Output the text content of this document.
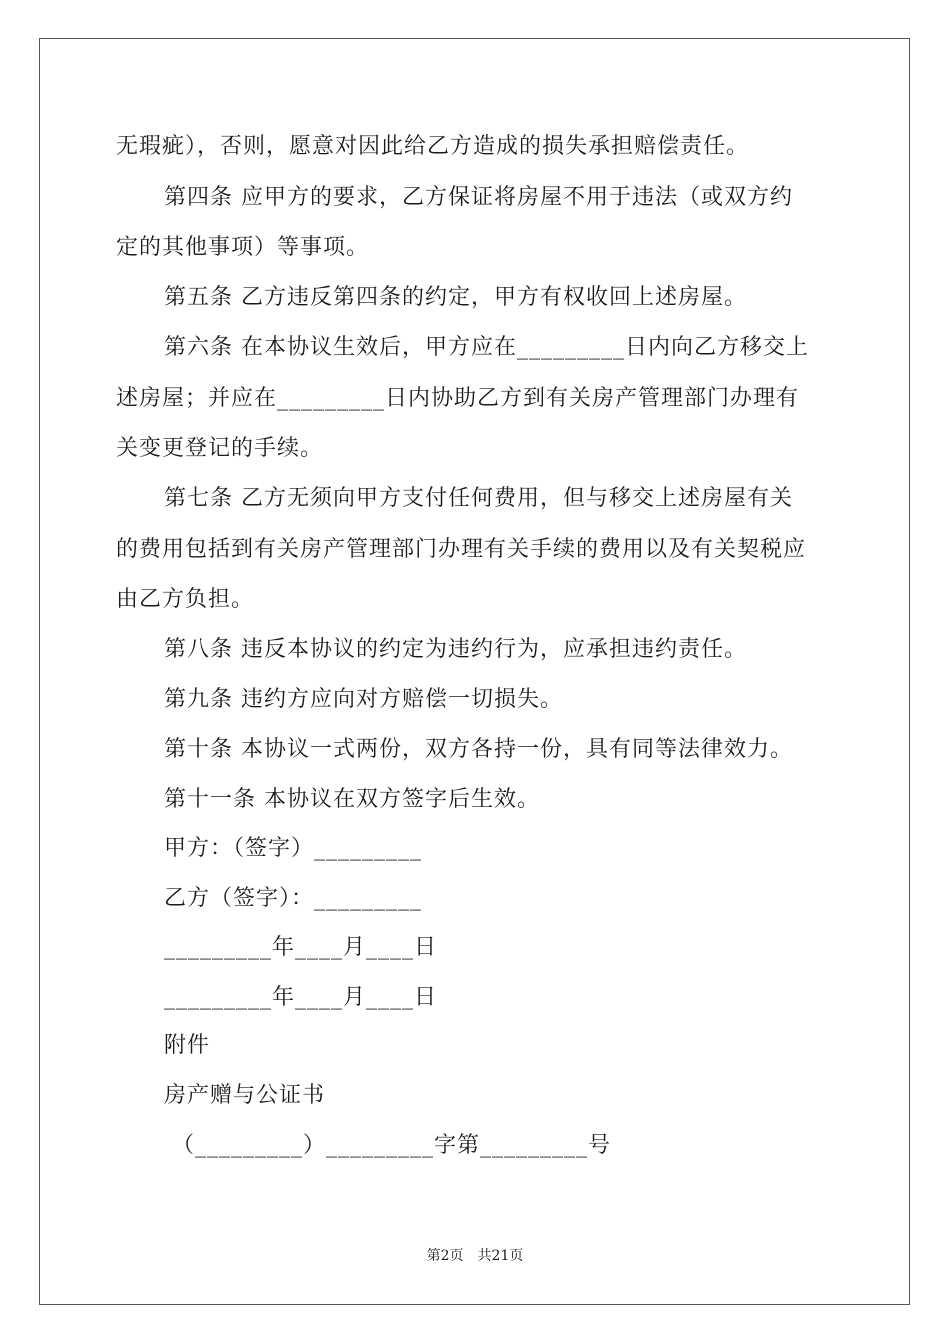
无瑕疵），否则，愿意对因此给乙方造成的损失承担赔偿责任。
第四条 应甲方的要求，乙方保证将房屋不用于违法（或双方约
定的其他事项）等事项。
第五条 乙方违反第四条的约定，甲方有权收回上述房屋。
第六条 在本协议生效后，甲方应在_________日内向乙方移交上
述房屋；并应在_________日内协助乙方到有关房产管理部门办理有
关变更登记的手续。
第七条 乙方无须向甲方支付任何费用，但与移交上述房屋有关
的费用包括到有关房产管理部门办理有关手续的费用以及有关契税应
由乙方负担。
第八条 违反本协议的约定为违约行为，应承担违约责任。
第九条 违约方应向对方赔偿一切损失。
第十条 本协议一式两份，双方各持一份，具有同等法律效力。
第十一条 本协议在双方签字后生效。
甲方：（签字）_________
乙方（签字）：_________
_________年____月____日
_________年____月____日
附件
房产赠与公证书
（_________）_________字第_________号
第2页　共21页
